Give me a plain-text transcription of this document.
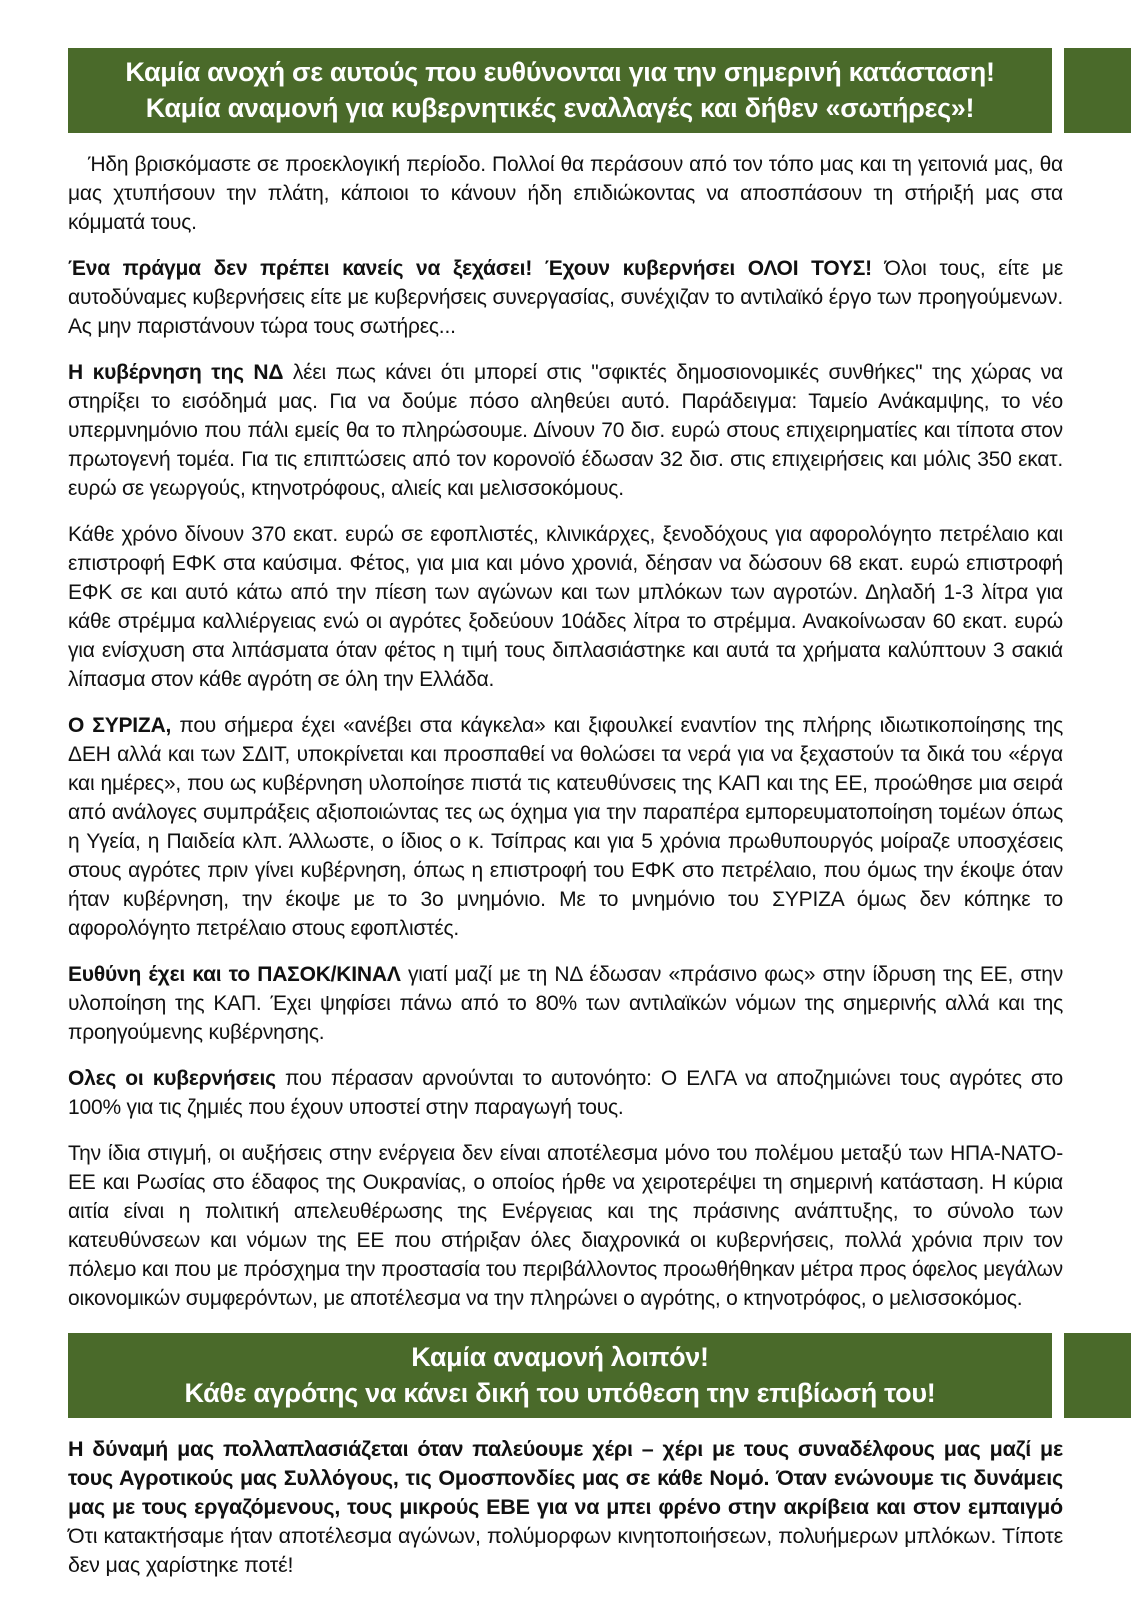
Καμία ανοχή σε αυτούς που ευθύνονται για την σημερινή κατάσταση!
Καμία αναμονή για κυβερνητικές εναλλαγές και δήθεν «σωτήρες»!

Ήδη βρισκόμαστε σε προεκλογική περίοδο. Πολλοί θα περάσουν από τον τόπο μας και τη γειτονιά μας, θα μας χτυπήσουν την πλάτη, κάποιοι το κάνουν ήδη επιδιώκοντας να αποσπάσουν τη στήριξή μας στα κόμματά τους.

Ένα πράγμα δεν πρέπει κανείς να ξεχάσει! Έχουν κυβερνήσει ΟΛΟΙ ΤΟΥΣ! Όλοι τους, είτε με αυτοδύναμες κυβερνήσεις είτε με κυβερνήσεις συνεργασίας, συνέχιζαν το αντιλαϊκό έργο των προηγούμενων. Ας μην παριστάνουν τώρα τους σωτήρες...

Η κυβέρνηση της ΝΔ λέει πως κάνει ότι μπορεί στις "σφικτές δημοσιονομικές συνθήκες" της χώρας να στηρίξει το εισόδημά μας. Για να δούμε πόσο αληθεύει αυτό. Παράδειγμα: Ταμείο Ανάκαμψης, το νέο υπερμνημόνιο που πάλι εμείς θα το πληρώσουμε. Δίνουν 70 δισ. ευρώ στους επιχειρηματίες και τίποτα στον πρωτογενή τομέα. Για τις επιπτώσεις από τον κορονοϊό έδωσαν 32 δισ. στις επιχειρήσεις και μόλις 350 εκατ. ευρώ σε γεωργούς, κτηνοτρόφους, αλιείς και μελισσοκόμους.

Κάθε χρόνο δίνουν 370 εκατ. ευρώ σε εφοπλιστές, κλινικάρχες, ξενοδόχους για αφορολόγητο πετρέλαιο και επιστροφή ΕΦΚ στα καύσιμα. Φέτος, για μια και μόνο χρονιά, δέησαν να δώσουν 68 εκατ. ευρώ επιστροφή ΕΦΚ σε και αυτό κάτω από την πίεση των αγώνων και των μπλόκων των αγροτών. Δηλαδή 1-3 λίτρα για κάθε στρέμμα καλλιέργειας ενώ οι αγρότες ξοδεύουν 10άδες λίτρα το στρέμμα. Ανακοίνωσαν 60 εκατ. ευρώ για ενίσχυση στα λιπάσματα όταν φέτος η τιμή τους διπλασιάστηκε και αυτά τα χρήματα καλύπτουν 3 σακιά λίπασμα στον κάθε αγρότη σε όλη την Ελλάδα.

Ο ΣΥΡΙΖΑ, που σήμερα έχει «ανέβει στα κάγκελα» και ξιφουλκεί εναντίον της πλήρης ιδιωτικοποίησης της ΔΕΗ αλλά και των ΣΔΙΤ, υποκρίνεται και προσπαθεί να θολώσει τα νερά για να ξεχαστούν τα δικά του «έργα και ημέρες», που ως κυβέρνηση υλοποίησε πιστά τις κατευθύνσεις της ΚΑΠ και της ΕΕ, προώθησε μια σειρά από ανάλογες συμπράξεις αξιοποιώντας τες ως όχημα για την παραπέρα εμπορευματοποίηση τομέων όπως η Υγεία, η Παιδεία κλπ. Άλλωστε, ο ίδιος ο κ. Τσίπρας και για 5 χρόνια πρωθυπουργός μοίραζε υποσχέσεις στους αγρότες πριν γίνει κυβέρνηση, όπως η επιστροφή του ΕΦΚ στο πετρέλαιο, που όμως την έκοψε όταν ήταν κυβέρνηση, την έκοψε με το 3ο μνημόνιο. Με το μνημόνιο του ΣΥΡΙΖΑ όμως δεν κόπηκε το αφορολόγητο πετρέλαιο στους εφοπλιστές.

Ευθύνη έχει και το ΠΑΣΟΚ/ΚΙΝΑΛ γιατί μαζί με τη ΝΔ έδωσαν «πράσινο φως» στην ίδρυση της ΕΕ, στην υλοποίηση της ΚΑΠ. Έχει ψηφίσει πάνω από το 80% των αντιλαϊκών νόμων της σημερινής αλλά και της προηγούμενης κυβέρνησης.

Ολες οι κυβερνήσεις που πέρασαν αρνούνται το αυτονόητο: Ο ΕΛΓΑ να αποζημιώνει τους αγρότες στο 100% για τις ζημιές που έχουν υποστεί στην παραγωγή τους.

Την ίδια στιγμή, οι αυξήσεις στην ενέργεια δεν είναι αποτέλεσμα μόνο του πολέμου μεταξύ των ΗΠΑ-ΝΑΤΟ-ΕΕ και Ρωσίας στο έδαφος της Ουκρανίας, ο οποίος ήρθε να χειροτερέψει τη σημερινή κατάσταση. Η κύρια αιτία είναι η πολιτική απελευθέρωσης της Ενέργειας και της πράσινης ανάπτυξης, το σύνολο των κατευθύνσεων και νόμων της ΕΕ που στήριξαν όλες διαχρονικά οι κυβερνήσεις, πολλά χρόνια πριν τον πόλεμο και που με πρόσχημα την προστασία του περιβάλλοντος προωθήθηκαν μέτρα προς όφελος μεγάλων οικονομικών συμφερόντων, με αποτέλεσμα να την πληρώνει ο αγρότης, ο κτηνοτρόφος, ο μελισσοκόμος.

Καμία αναμονή λοιπόν!
Κάθε αγρότης να κάνει δική του υπόθεση την επιβίωσή του!

Η δύναμή μας πολλαπλασιάζεται όταν παλεύουμε χέρι – χέρι με τους συναδέλφους μας μαζί με τους Αγροτικούς μας Συλλόγους, τις Ομοσπονδίες μας σε κάθε Νομό. Όταν ενώνουμε τις δυνάμεις μας με τους εργαζόμενους, τους μικρούς ΕΒΕ για να μπει φρένο στην ακρίβεια και στον εμπαιγμό Ότι κατακτήσαμε ήταν αποτέλεσμα αγώνων, πολύμορφων κινητοποιήσεων, πολυήμερων μπλόκων. Τίποτε δεν μας χαρίστηκε ποτέ!
